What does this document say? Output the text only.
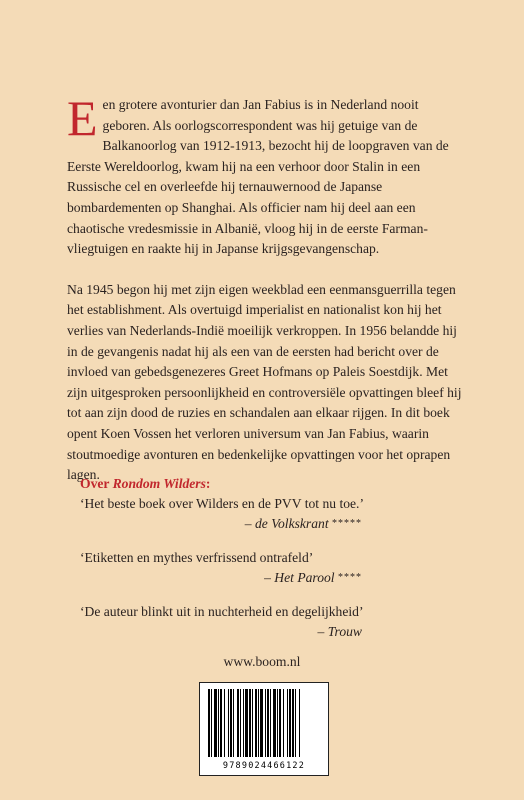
Een grotere avonturier dan Jan Fabius is in Nederland nooit geboren. Als oorlogscorrespondent was hij getuige van de Balkanoorlog van 1912-1913, bezocht hij de loopgraven van de Eerste Wereldoorlog, kwam hij na een verhoor door Stalin in een Russische cel en overleefde hij ternauwernood de Japanse bombardementen op Shanghai. Als officier nam hij deel aan een chaotische vredesmissie in Albanië, vloog hij in de eerste Farman-vliegtuigen en raakte hij in Japanse krijgsgevangenschap.

Na 1945 begon hij met zijn eigen weekblad een eenmansguerrilla tegen het establishment. Als overtuigd imperialist en nationalist kon hij het verlies van Nederlands-Indië moeilijk verkroppen. In 1956 belandde hij in de gevangenis nadat hij als een van de eersten had bericht over de invloed van gebedsgenezeres Greet Hofmans op Paleis Soestdijk. Met zijn uitgesproken persoonlijkheid en controversiële opvattingen bleef hij tot aan zijn dood de ruzies en schandalen aan elkaar rijgen. In dit boek opent Koen Vossen het verloren universum van Jan Fabius, waarin stoutmoedige avonturen en bedenkelijke opvattingen voor het oprapen lagen.

Over Rondom Wilders:

‘Het beste boek over Wilders en de PVV tot nu toe.’

– de Volkskrant *****

‘Etiketten en mythes verfrissend ontrafeld’

– Het Parool ****

‘De auteur blinkt uit in nuchterheid en degelijkheid’

– Trouw

www.boom.nl
9789024466122
